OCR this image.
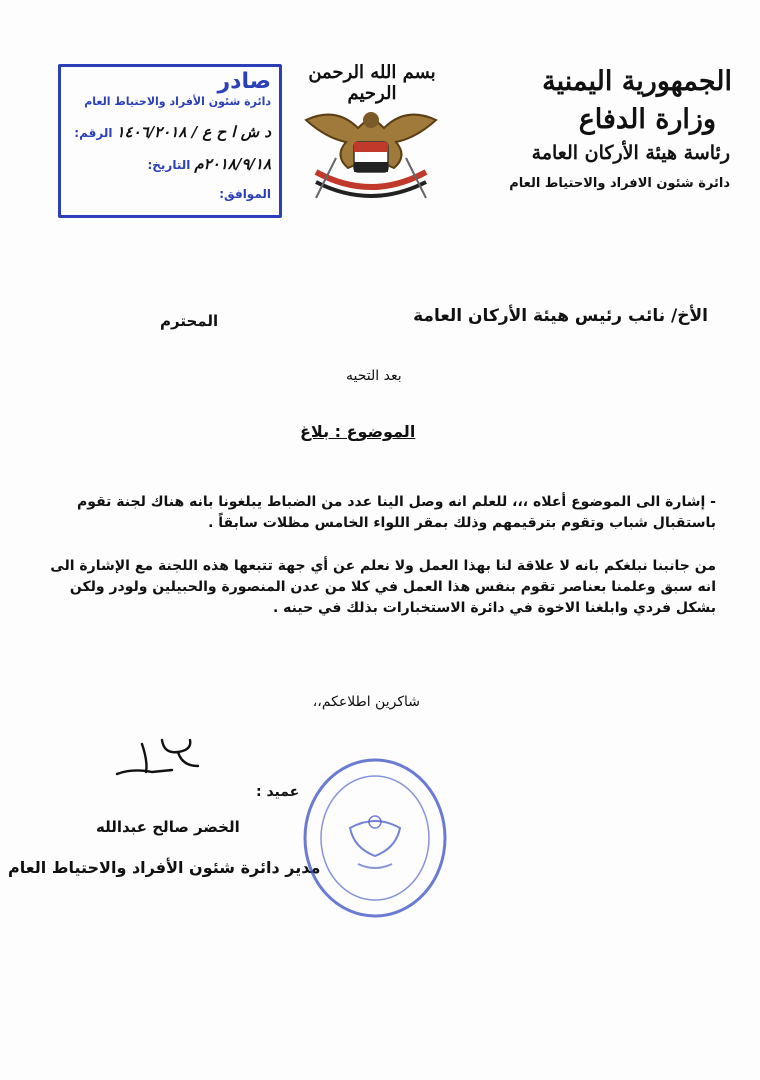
الجمهورية اليمنية
وزارة الدفاع
رئاسة هيئة الأركان العامة
دائرة شئون الافراد والاحتياط العام
بسم الله الرحمن الرحيم
صادر
دائرة شئون الأفراد والاحتياط العام
الرقم: د ش ا ح ع / ١٤٠٦/٢٠١٨
التاريخ: ٢٠١٨/٩/١٨م
الموافق:
الأخ/ نائب رئيس هيئة الأركان العامة
المحترم
بعد التحيه
الموضوع : بلاغ
- إشارة الى الموضوع أعلاه ،،، للعلم انه وصل الينا عدد من الضباط يبلغونا بانه هناك لجنة تقوم باستقبال شباب وتقوم بترقيمهم وذلك بمقر اللواء الخامس مظلات سابقاً .
من جانبنا نبلغكم بانه لا علاقة لنا بهذا العمل ولا نعلم عن أي جهة تتبعها هذه اللجنة مع الإشارة الى انه سبق وعلمنا بعناصر تقوم بنفس هذا العمل في كلا من عدن المنصورة والحبيلين ولودر ولكن بشكل فردي وابلغنا الاخوة في دائرة الاستخبارات بذلك في حينه .
شاكرين اطلاعكم،،
عميد :
الخضر صالح عبدالله
مدير دائرة شئون الأفراد والاحتياط العام
